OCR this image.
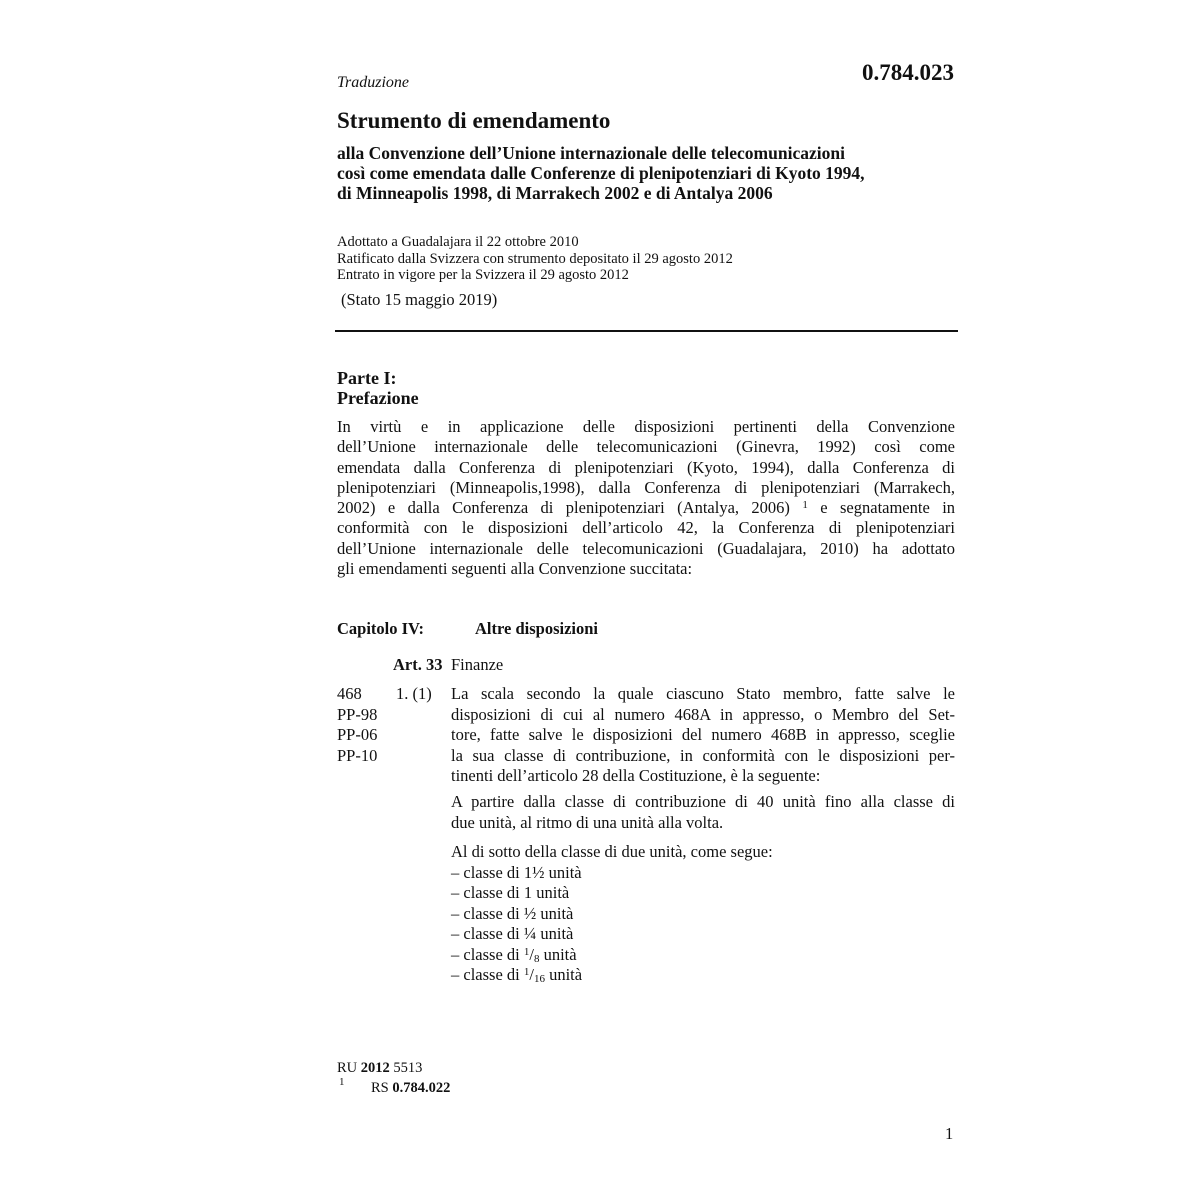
Traduzione	0.784.023
Strumento di emendamento
alla Convenzione dell’Unione internazionale delle telecomunicazioni
così come emendata dalle Conferenze di plenipotenziari di Kyoto 1994,
di Minneapolis 1998, di Marrakech 2002 e di Antalya 2006
Adottato a Guadalajara il 22 ottobre 2010
Ratificato dalla Svizzera con strumento depositato il 29 agosto 2012
Entrato in vigore per la Svizzera il 29 agosto 2012
(Stato 15 maggio 2019)
Parte I:
Prefazione
In virtù e in applicazione delle disposizioni pertinenti della Convenzione
dell’Unione internazionale delle telecomunicazioni (Ginevra, 1992) così come
emendata dalla Conferenza di plenipotenziari (Kyoto, 1994), dalla Conferenza di
plenipotenziari (Minneapolis,1998), dalla Conferenza di plenipotenziari (Marrakech,
2002) e dalla Conferenza di plenipotenziari (Antalya, 2006) $^1$ e segnatamente in
conformità con le disposizioni dell’articolo 42, la Conferenza di plenipotenziari
dell’Unione internazionale delle telecomunicazioni (Guadalajara, 2010) ha adottato
gli emendamenti seguenti alla Convenzione succitata:
Capitolo IV:	Altre disposizioni
Art. 33 Finanze
468
PP-98
PP-06
PP-10
1. (1) La scala secondo la quale ciascuno Stato membro, fatte salve le
disposizioni di cui al numero 468A in appresso, o Membro del Set-
tore, fatte salve le disposizioni del numero 468B in appresso, sceglie
la sua classe di contribuzione, in conformità con le disposizioni per-
tinenti dell’articolo 28 della Costituzione, è la seguente:
A partire dalla classe di contribuzione di 40 unità fino alla classe di
due unità, al ritmo di una unità alla volta.
Al di sotto della classe di due unità, come segue:
– classe di 1½ unità
– classe di 1 unità
– classe di ½ unità
– classe di ¼ unità
– classe di $^1$/8 unità
– classe di $^1$/16 unità
RU 2012 5513
1 RS 0.784.022
1
